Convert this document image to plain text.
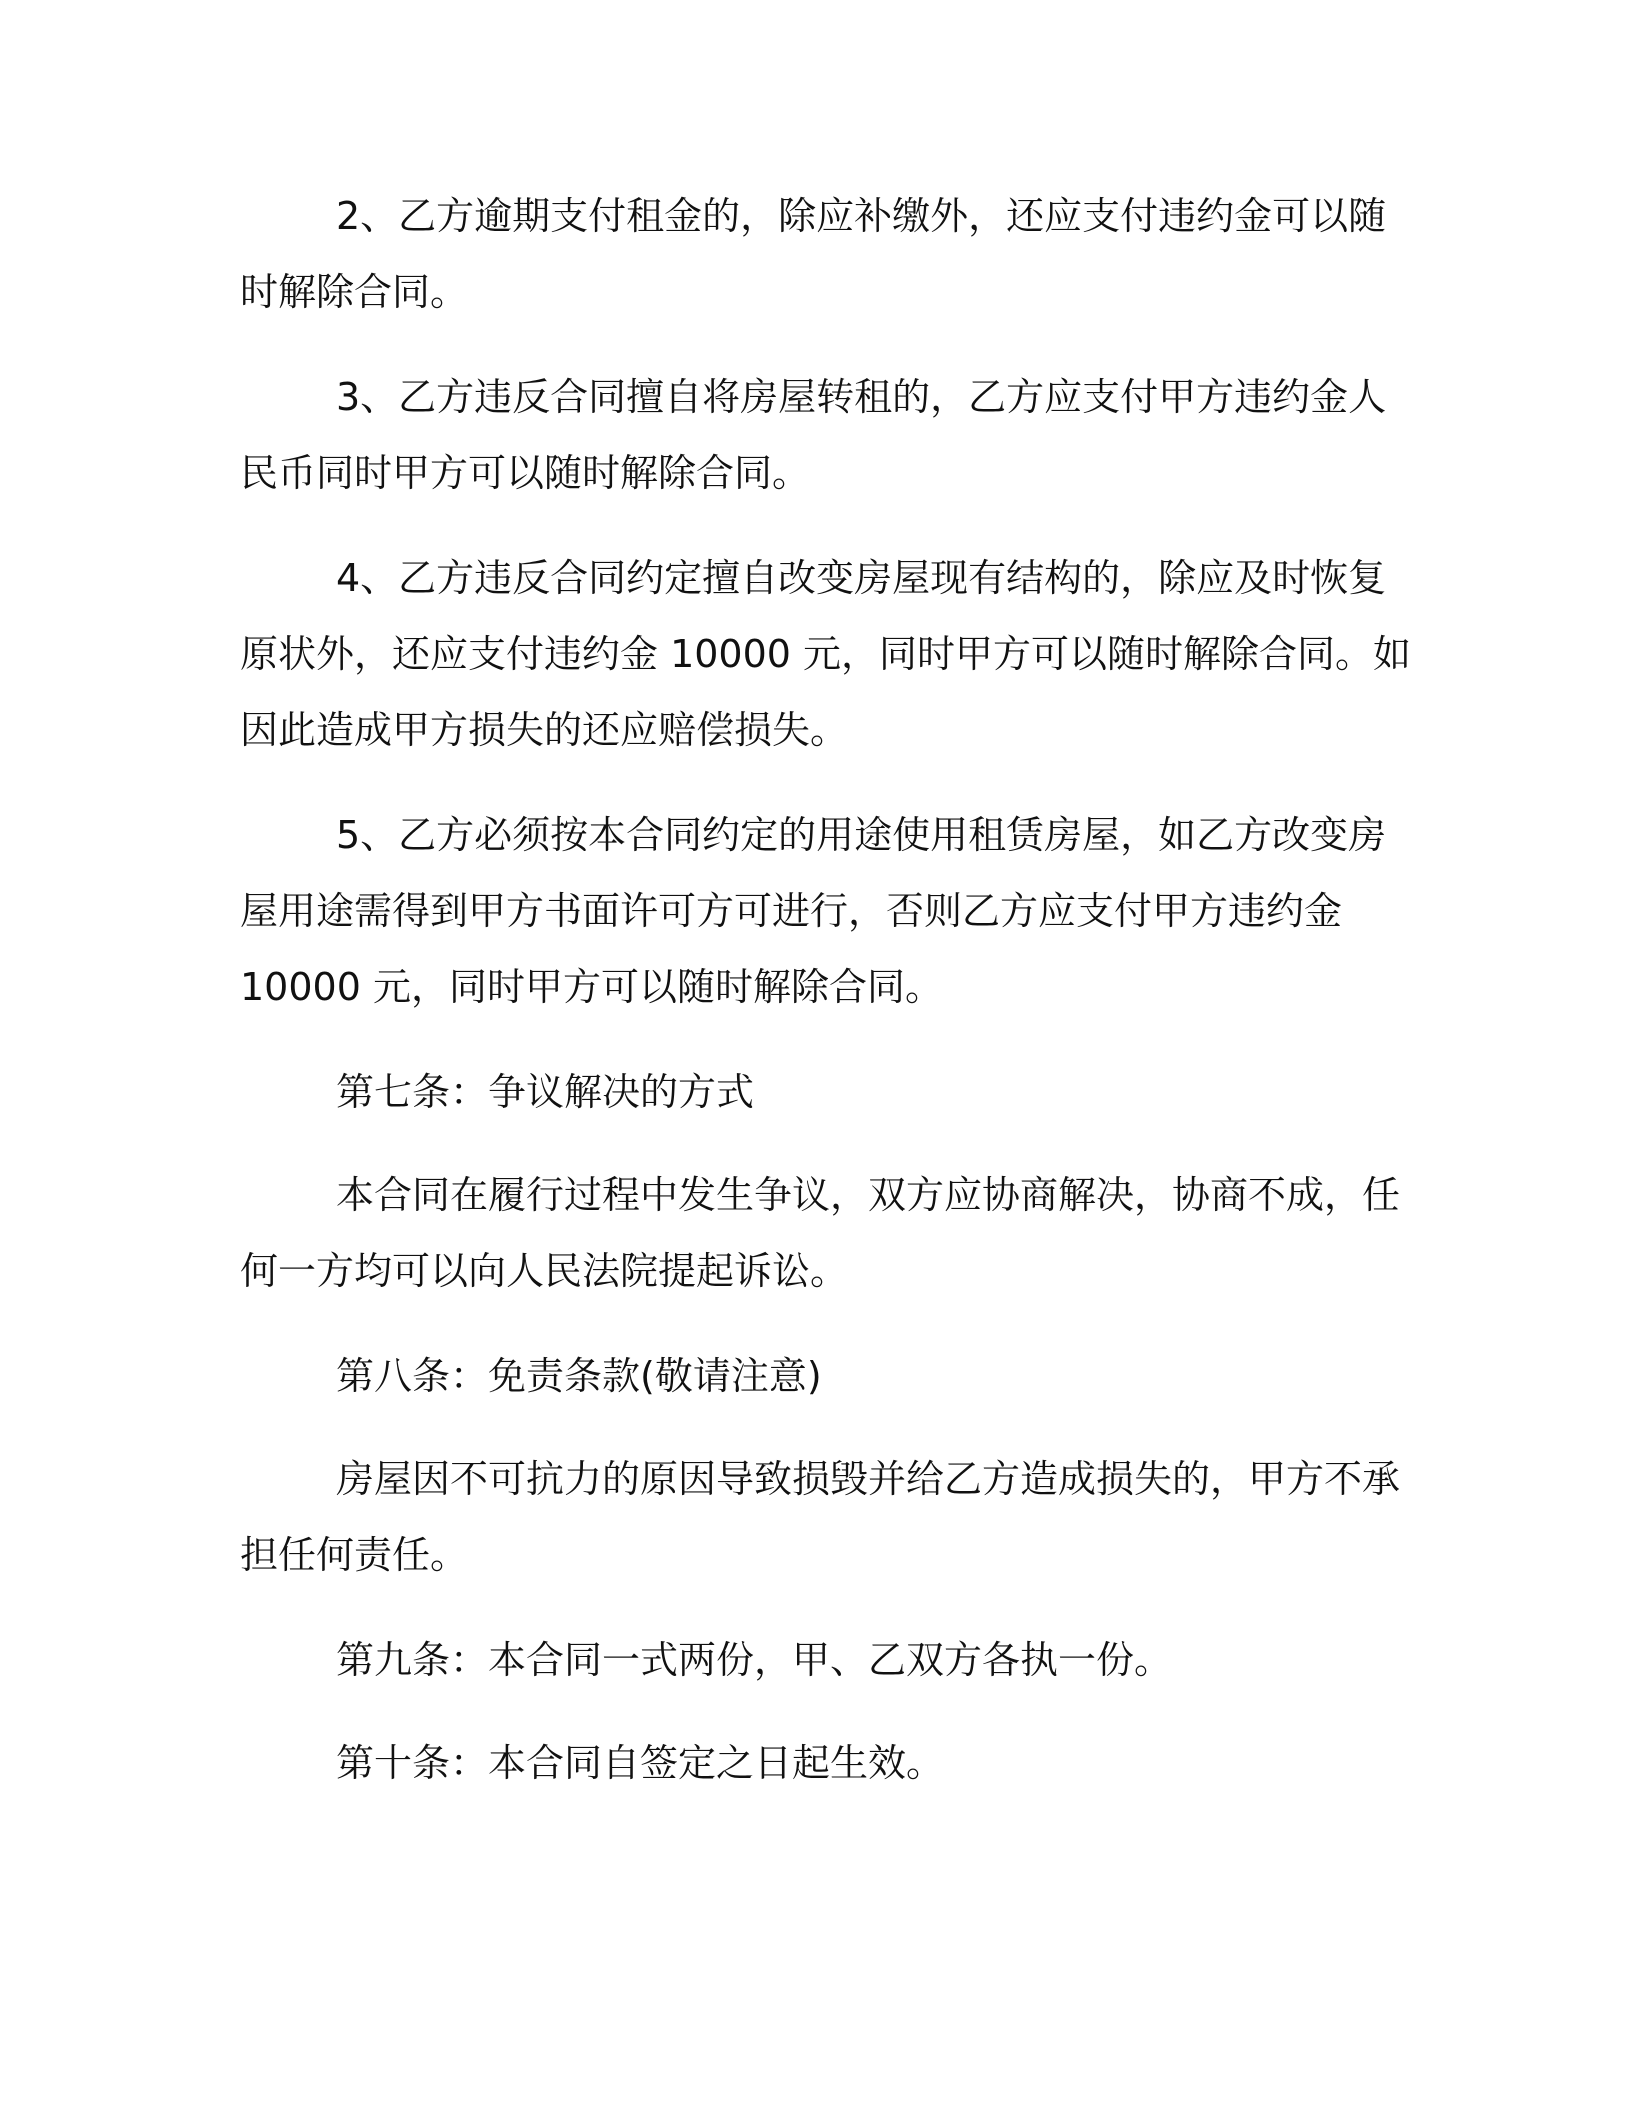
2、乙方逾期支付租金的，除应补缴外，还应支付违约金可以随
时解除合同。
3、乙方违反合同擅自将房屋转租的，乙方应支付甲方违约金人
民币同时甲方可以随时解除合同。
4、乙方违反合同约定擅自改变房屋现有结构的，除应及时恢复
原状外，还应支付违约金 10000 元，同时甲方可以随时解除合同。如
因此造成甲方损失的还应赔偿损失。
5、乙方必须按本合同约定的用途使用租赁房屋，如乙方改变房
屋用途需得到甲方书面许可方可进行，否则乙方应支付甲方违约金
10000 元，同时甲方可以随时解除合同。
第七条：争议解决的方式
本合同在履行过程中发生争议，双方应协商解决，协商不成，任
何一方均可以向人民法院提起诉讼。
第八条：免责条款(敬请注意)
房屋因不可抗力的原因导致损毁并给乙方造成损失的，甲方不承
担任何责任。
第九条：本合同一式两份，甲、乙双方各执一份。
第十条：本合同自签定之日起生效。
